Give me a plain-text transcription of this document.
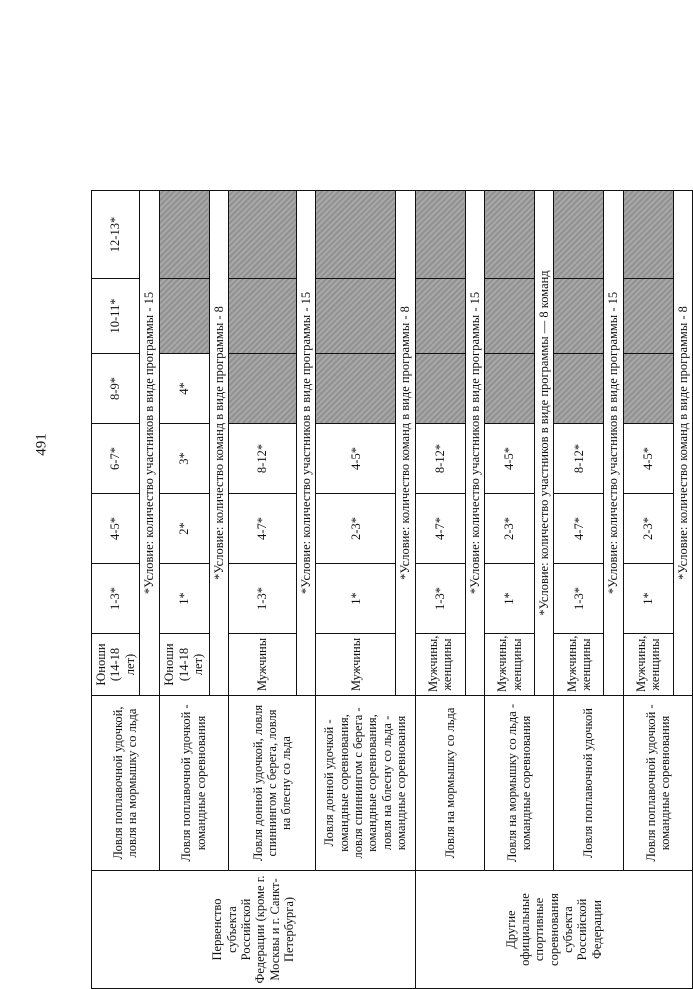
491
Первенство субъекта Российской Федерации (кроме г. Москвы и г. Санкт-Петербурга)	Ловля поплавочной удочкой, ловля на мормышку со льда	Юноши (14-18 лет)	1-3*	4-5*	6-7*	8-9*	10-11*	12-13*
		*Условие: количество участников в виде программы - 15						
	Ловля поплавочной удочкой - командные соревнования	Юноши (14-18 лет)	1*	2*	3*	4*		
		*Условие: количество команд в виде программы - 8						
	Ловля донной удочкой, ловля спиннингом с берега, ловля на блесну со льда	Мужчины	1-3*	4-7*	8-12*			
		*Условие: количество участников в виде программы - 15						
	Ловля донной удочкой - командные соревнования, ловля спиннингом с берега - командные соревнования, ловля на блесну со льда - командные соревнования	Мужчины	1*	2-3*	4-5*			
		*Условие: количество команд в виде программы - 8						
Другие официальные спортивные соревнования субъекта Российской Федерации	Ловля на мормышку со льда	Мужчины, женщины	1-3*	4-7*	8-12*			
		*Условие: количество участников в виде программы - 15						
	Ловля на мормышку со льда - командные соревнования	Мужчины, женщины	1*	2-3*	4-5*			
		*Условие: количество участников в виде программы — 8 команд						
	Ловля поплавочной удочкой	Мужчины, женщины	1-3*	4-7*	8-12*			
		*Условие: количество участников в виде программы - 15						
	Ловля поплавочной удочкой - командные соревнования	Мужчины, женщины	1*	2-3*	4-5*			
		*Условие: количество команд в виде программы - 8						
